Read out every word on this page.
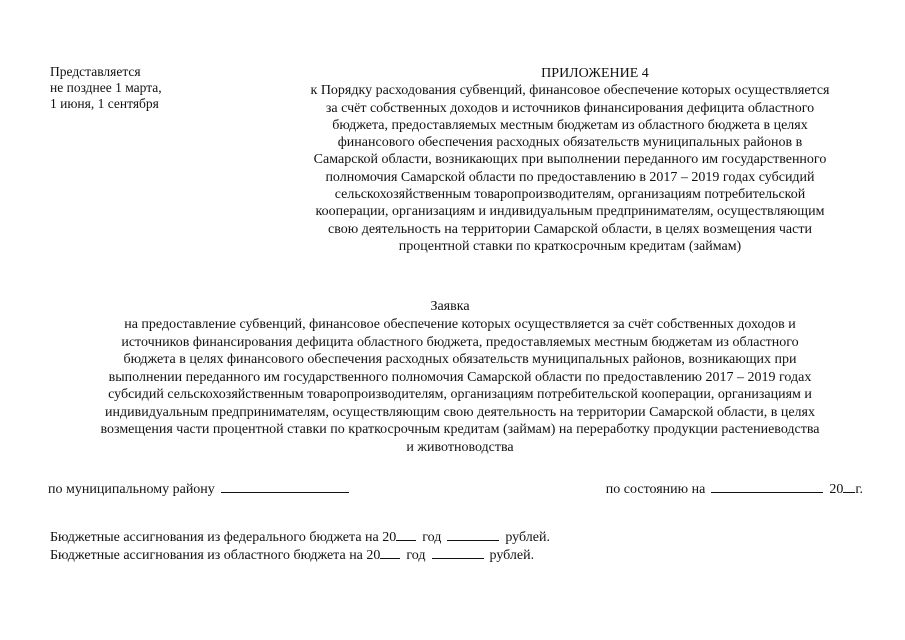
Представляется
не позднее 1 марта,
1 июня, 1 сентября
ПРИЛОЖЕНИЕ 4
к Порядку расходования субвенций, финансовое обеспечение которых осуществляется
за счёт собственных доходов и источников финансирования дефицита областного
бюджета, предоставляемых местным бюджетам из областного бюджета в целях
финансового обеспечения расходных обязательств муниципальных районов в
Самарской области, возникающих при выполнении переданного им государственного
полномочия Самарской области по предоставлению в 2017 – 2019 годах субсидий
сельскохозяйственным товаропроизводителям, организациям потребительской
кооперации, организациям и индивидуальным предпринимателям, осуществляющим
свою деятельность на территории Самарской области, в целях возмещения части
процентной ставки по краткосрочным кредитам (займам)
Заявка
на предоставление субвенций, финансовое обеспечение которых осуществляется за счёт собственных доходов и
источников финансирования дефицита областного бюджета, предоставляемых местным бюджетам из областного
бюджета в целях финансового обеспечения расходных обязательств муниципальных районов, возникающих при
выполнении переданного им государственного полномочия Самарской области по предоставлению 2017 – 2019 годах
субсидий сельскохозяйственным товаропроизводителям, организациям потребительской кооперации, организациям и
индивидуальным предпринимателям, осуществляющим свою деятельность на территории Самарской области, в целях
возмещения части процентной ставки по краткосрочным кредитам (займам) на переработку продукции растениеводства
и животноводства
по муниципальному району	по состоянию на	20 г.
Бюджетные ассигнования из федерального бюджета на 20 год	рублей.
Бюджетные ассигнования из областного бюджета на 20 год	рублей.
